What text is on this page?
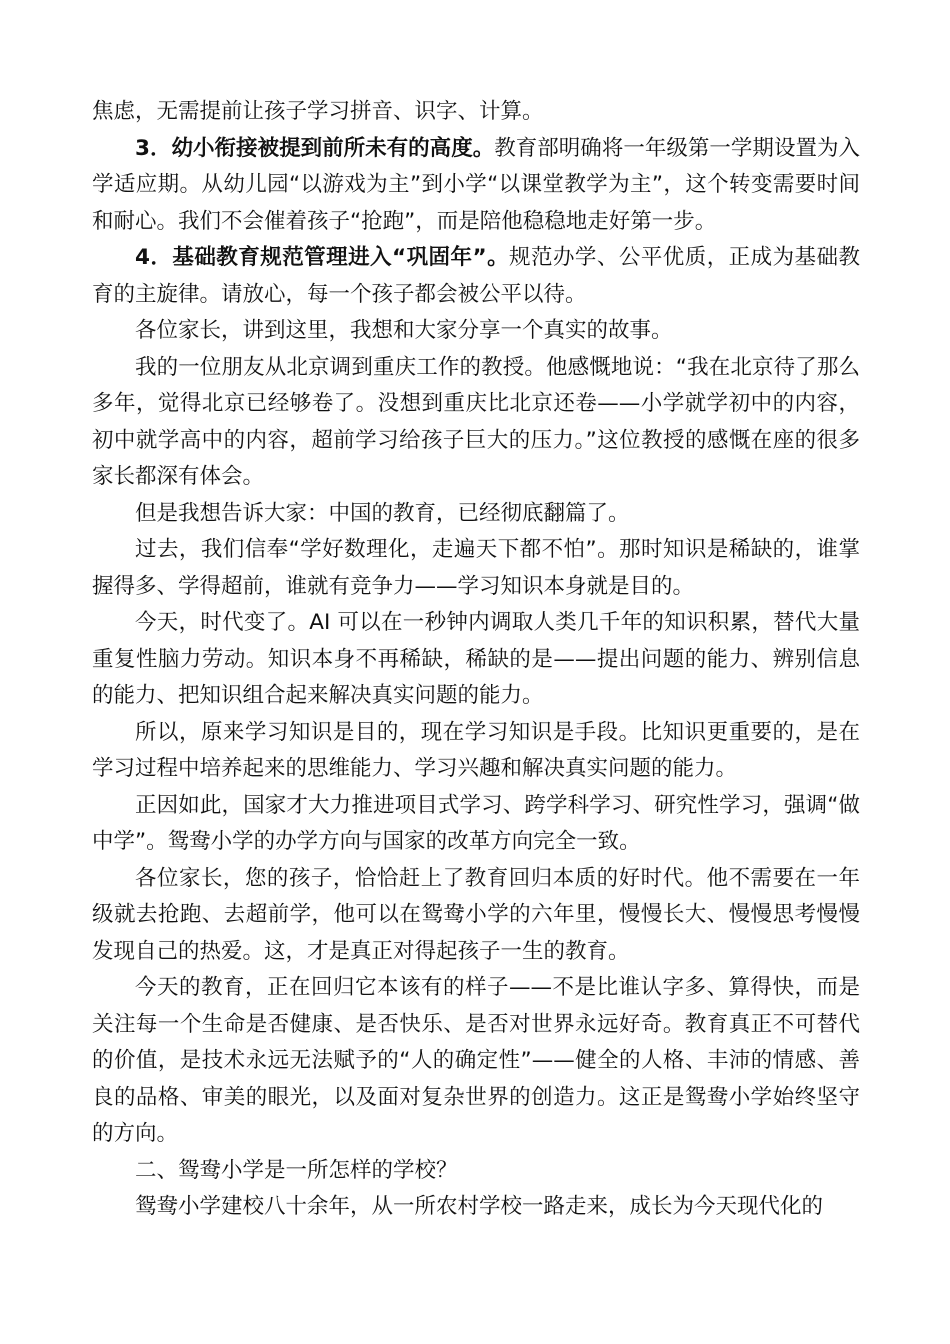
焦虑，无需提前让孩子学习拼音、识字、计算。

3．幼小衔接被提到前所未有的高度。教育部明确将一年级第一学期设置为入学适应期。从幼儿园“以游戏为主”到小学“以课堂教学为主”，这个转变需要时间和耐心。我们不会催着孩子“抢跑”，而是陪他稳稳地走好第一步。

4．基础教育规范管理进入“巩固年”。规范办学、公平优质，正成为基础教育的主旋律。请放心，每一个孩子都会被公平以待。

各位家长，讲到这里，我想和大家分享一个真实的故事。

我的一位朋友从北京调到重庆工作的教授。他感慨地说：“我在北京待了那么多年，觉得北京已经够卷了。没想到重庆比北京还卷——小学就学初中的内容，初中就学高中的内容，超前学习给孩子巨大的压力。”这位教授的感慨在座的很多家长都深有体会。

但是我想告诉大家：中国的教育，已经彻底翻篇了。

过去，我们信奉“学好数理化，走遍天下都不怕”。那时知识是稀缺的，谁掌握得多、学得超前，谁就有竞争力——学习知识本身就是目的。

今天，时代变了。AI 可以在一秒钟内调取人类几千年的知识积累，替代大量重复性脑力劳动。知识本身不再稀缺，稀缺的是——提出问题的能力、辨别信息的能力、把知识组合起来解决真实问题的能力。

所以，原来学习知识是目的，现在学习知识是手段。比知识更重要的，是在学习过程中培养起来的思维能力、学习兴趣和解决真实问题的能力。

正因如此，国家才大力推进项目式学习、跨学科学习、研究性学习，强调“做中学”。鸳鸯小学的办学方向与国家的改革方向完全一致。

各位家长，您的孩子，恰恰赶上了教育回归本质的好时代。他不需要在一年级就去抢跑、去超前学，他可以在鸳鸯小学的六年里，慢慢长大、慢慢思考慢慢发现自己的热爱。这，才是真正对得起孩子一生的教育。

今天的教育，正在回归它本该有的样子——不是比谁认字多、算得快，而是关注每一个生命是否健康、是否快乐、是否对世界永远好奇。教育真正不可替代的价值，是技术永远无法赋予的“人的确定性”——健全的人格、丰沛的情感、善良的品格、审美的眼光，以及面对复杂世界的创造力。这正是鸳鸯小学始终坚守的方向。

二、鸳鸯小学是一所怎样的学校？

鸳鸯小学建校八十余年，从一所农村学校一路走来，成长为今天现代化的
